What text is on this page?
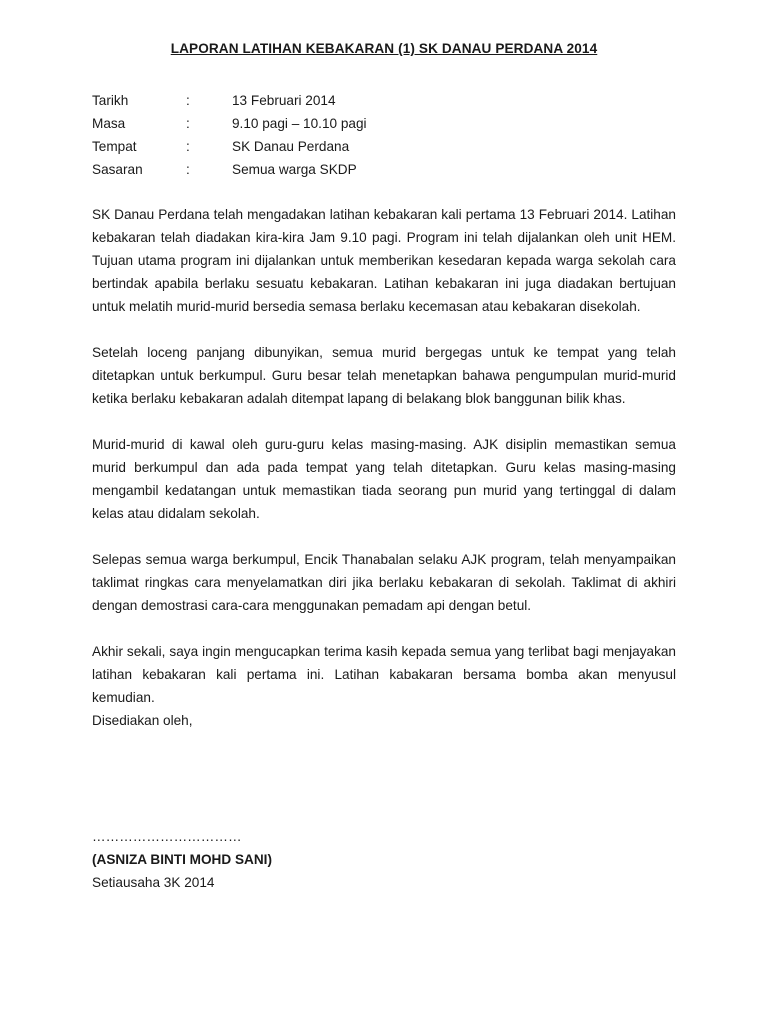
LAPORAN LATIHAN KEBAKARAN (1) SK DANAU PERDANA 2014
Tarikh	:	13 Februari 2014
Masa	:	9.10 pagi – 10.10 pagi
Tempat	:	SK Danau Perdana
Sasaran	:	Semua warga SKDP

SK Danau Perdana telah mengadakan latihan kebakaran kali pertama 13 Februari 2014. Latihan kebakaran telah diadakan kira-kira Jam 9.10 pagi. Program ini telah dijalankan oleh unit HEM. Tujuan utama program ini dijalankan untuk memberikan kesedaran kepada warga sekolah cara bertindak apabila berlaku sesuatu kebakaran. Latihan kebakaran ini juga diadakan bertujuan untuk melatih murid-murid bersedia semasa berlaku kecemasan atau kebakaran disekolah.

Setelah loceng panjang dibunyikan, semua murid bergegas untuk ke tempat yang telah ditetapkan untuk berkumpul. Guru besar telah menetapkan bahawa pengumpulan murid-murid ketika berlaku kebakaran adalah ditempat lapang di belakang blok banggunan bilik khas.

Murid-murid di kawal oleh guru-guru kelas masing-masing. AJK disiplin memastikan semua murid berkumpul dan ada pada tempat yang telah ditetapkan. Guru kelas masing-masing mengambil kedatangan untuk memastikan tiada seorang pun murid yang tertinggal di dalam kelas atau didalam sekolah.

Selepas semua warga berkumpul, Encik Thanabalan selaku AJK program, telah menyampaikan taklimat ringkas cara menyelamatkan diri jika berlaku kebakaran di sekolah. Taklimat di akhiri dengan demostrasi cara-cara menggunakan pemadam api dengan betul.

Akhir sekali, saya ingin mengucapkan terima kasih kepada semua yang terlibat bagi menjayakan latihan kebakaran kali pertama ini. Latihan kabakaran bersama bomba akan menyusul kemudian.

Disediakan oleh,
……………………………
(ASNIZA BINTI MOHD SANI)
Setiausaha 3K 2014
